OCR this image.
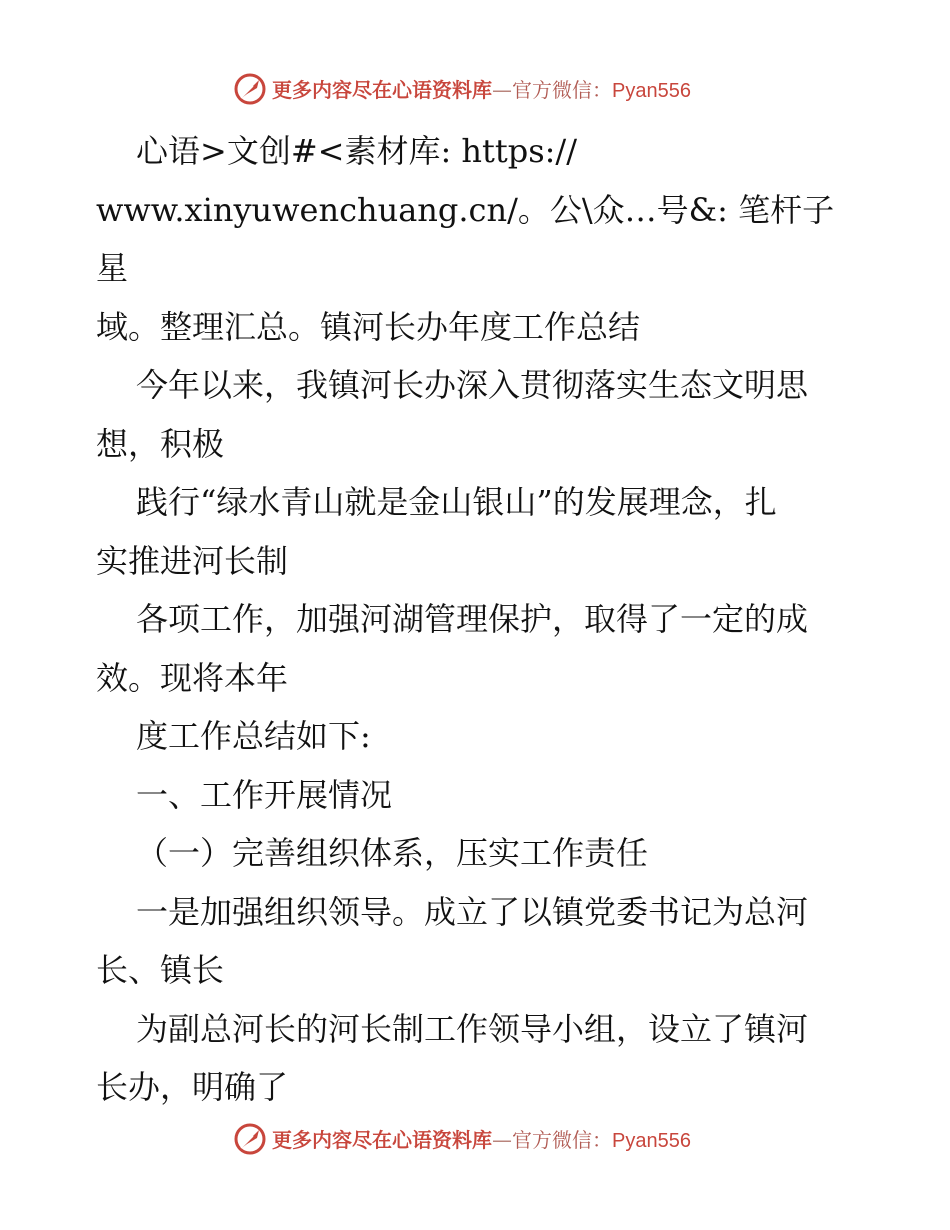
更多内容尽在心语资料库—官方微信：Pyan556

心语>文创#<素材库: https://

www.xinyuwenchuang.cn/。公\众…号&: 笔杆子星

域。整理汇总。镇河长办年度工作总结

今年以来，我镇河长办深入贯彻落实生态文明思

想，积极

践行“绿水青山就是金山银山”的发展理念，扎

实推进河长制

各项工作，加强河湖管理保护，取得了一定的成

效。现将本年

度工作总结如下:

一、工作开展情况

（一）完善组织体系，压实工作责任

一是加强组织领导。成立了以镇党委书记为总河

长、镇长

为副总河长的河长制工作领导小组，设立了镇河

长办，明确了

更多内容尽在心语资料库—官方微信：Pyan556
